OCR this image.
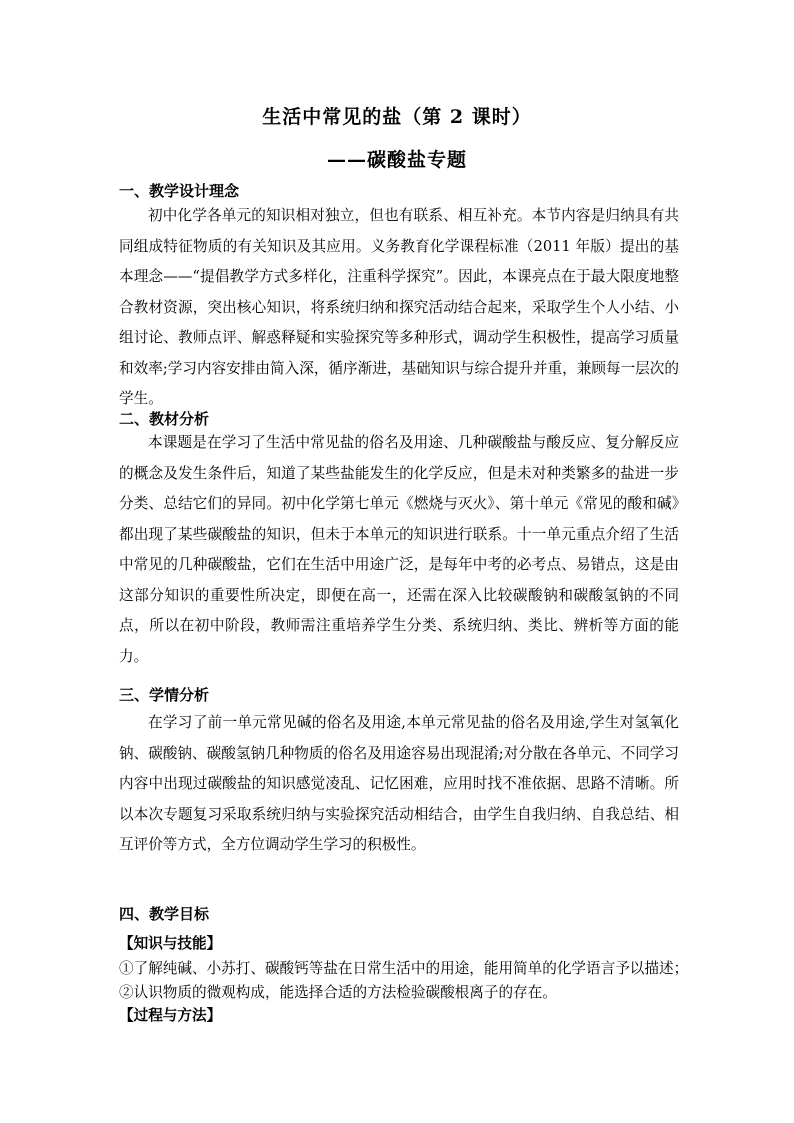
生活中常见的盐（第 2 课时）
——碳酸盐专题
一、教学设计理念
初中化学各单元的知识相对独立，但也有联系、相互补充。本节内容是归纳具有共同组成特征物质的有关知识及其应用。义务教育化学课程标准（2011 年版）提出的基本理念——“提倡教学方式多样化，注重科学探究”。因此，本课亮点在于最大限度地整合教材资源，突出核心知识，将系统归纳和探究活动结合起来，采取学生个人小结、小组讨论、教师点评、解惑释疑和实验探究等多种形式，调动学生积极性，提高学习质量和效率;学习内容安排由简入深，循序渐进，基础知识与综合提升并重，兼顾每一层次的学生。
二、教材分析
本课题是在学习了生活中常见盐的俗名及用途、几种碳酸盐与酸反应、复分解反应的概念及发生条件后，知道了某些盐能发生的化学反应，但是未对种类繁多的盐进一步分类、总结它们的异同。初中化学第七单元《燃烧与灭火》、第十单元《常见的酸和碱》都出现了某些碳酸盐的知识，但未于本单元的知识进行联系。十一单元重点介绍了生活中常见的几种碳酸盐，它们在生活中用途广泛，是每年中考的必考点、易错点，这是由这部分知识的重要性所决定，即便在高一，还需在深入比较碳酸钠和碳酸氢钠的不同点，所以在初中阶段，教师需注重培养学生分类、系统归纳、类比、辨析等方面的能力。
三、学情分析
在学习了前一单元常见碱的俗名及用途,本单元常见盐的俗名及用途,学生对氢氧化钠、碳酸钠、碳酸氢钠几种物质的俗名及用途容易出现混淆;对分散在各单元、不同学习内容中出现过碳酸盐的知识感觉凌乱、记忆困难，应用时找不准依据、思路不清晰。所以本次专题复习采取系统归纳与实验探究活动相结合，由学生自我归纳、自我总结、相互评价等方式，全方位调动学生学习的积极性。
四、教学目标
【知识与技能】
①了解纯碱、小苏打、碳酸钙等盐在日常生活中的用途，能用简单的化学语言予以描述；
②认识物质的微观构成，能选择合适的方法检验碳酸根离子的存在。
【过程与方法】
